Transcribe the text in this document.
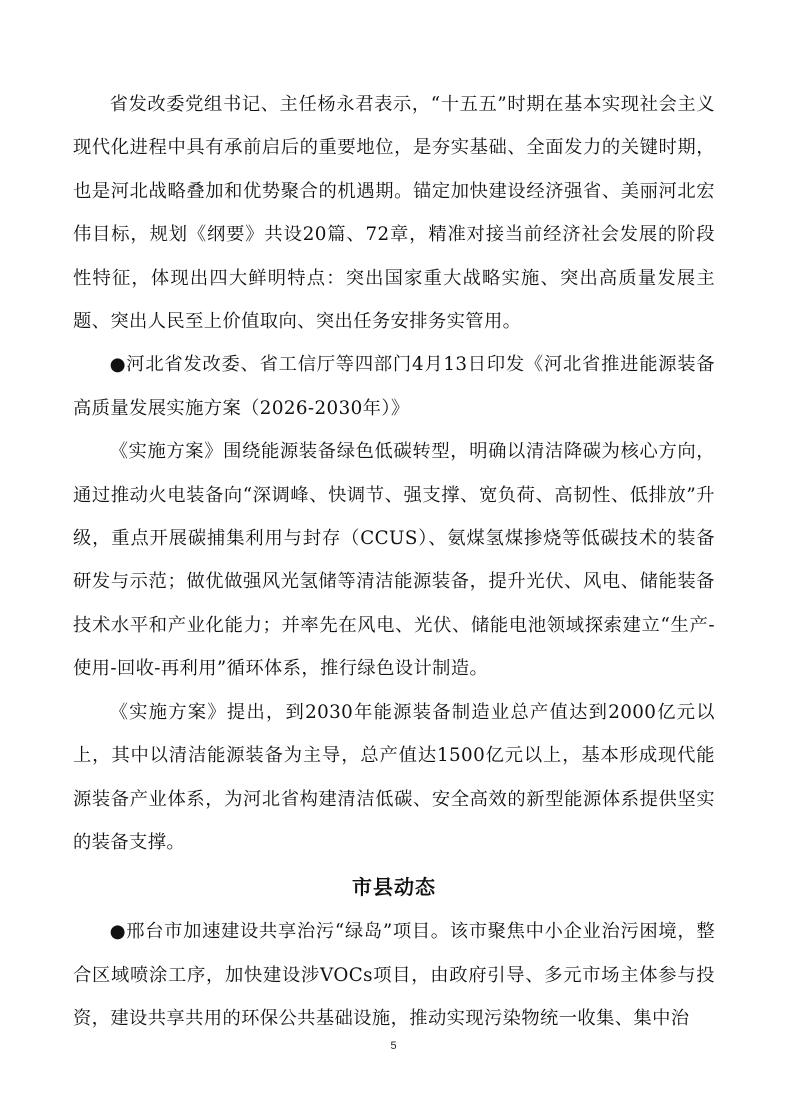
省发改委党组书记、主任杨永君表示，“十五五”时期在基本实现社会主义现代化进程中具有承前启后的重要地位，是夯实基础、全面发力的关键时期，也是河北战略叠加和优势聚合的机遇期。锚定加快建设经济强省、美丽河北宏伟目标，规划《纲要》共设20篇、72章，精准对接当前经济社会发展的阶段性特征，体现出四大鲜明特点：突出国家重大战略实施、突出高质量发展主题、突出人民至上价值取向、突出任务安排务实管用。

●河北省发改委、省工信厅等四部门4月13日印发《河北省推进能源装备高质量发展实施方案（2026-2030年）》

《实施方案》围绕能源装备绿色低碳转型，明确以清洁降碳为核心方向，通过推动火电装备向“深调峰、快调节、强支撑、宽负荷、高韧性、低排放”升级，重点开展碳捕集利用与封存（CCUS）、氨煤氢煤掺烧等低碳技术的装备研发与示范；做优做强风光氢储等清洁能源装备，提升光伏、风电、储能装备技术水平和产业化能力；并率先在风电、光伏、储能电池领域探索建立“生产-使用-回收-再利用”循环体系，推行绿色设计制造。

《实施方案》提出，到2030年能源装备制造业总产值达到2000亿元以上，其中以清洁能源装备为主导，总产值达1500亿元以上，基本形成现代能源装备产业体系，为河北省构建清洁低碳、安全高效的新型能源体系提供坚实的装备支撑。

市县动态

●邢台市加速建设共享治污“绿岛”项目。该市聚焦中小企业治污困境，整合区域喷涂工序，加快建设涉VOCs项目，由政府引导、多元市场主体参与投资，建设共享共用的环保公共基础设施，推动实现污染物统一收集、集中治

5
